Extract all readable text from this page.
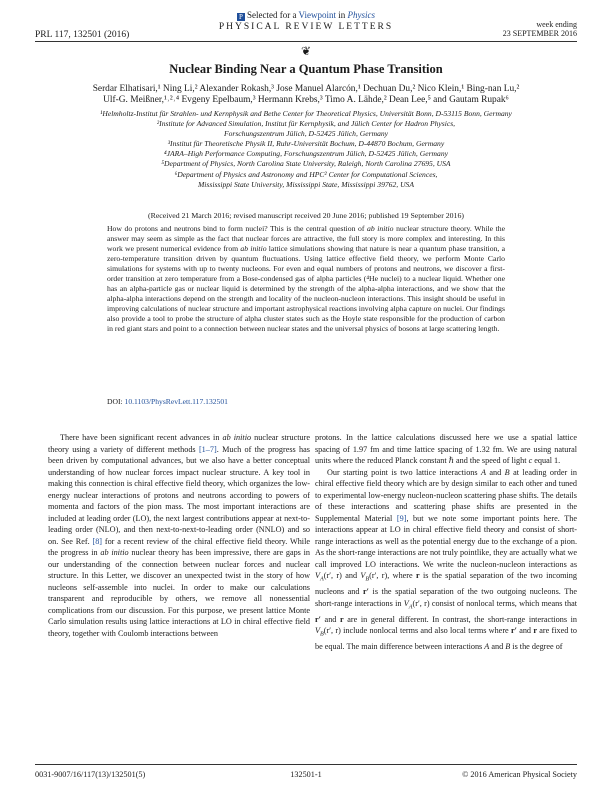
P Selected for a Viewpoint in Physics
PHYSICAL REVIEW LETTERS
PRL 117, 132501 (2016)
week ending
23 SEPTEMBER 2016
❦
Nuclear Binding Near a Quantum Phase Transition
Serdar Elhatisari,¹ Ning Li,² Alexander Rokash,³ Jose Manuel Alarcón,¹ Dechuan Du,² Nico Klein,¹ Bing-nan Lu,²
Ulf-G. Meißner,¹˒²˒⁴ Evgeny Epelbaum,³ Hermann Krebs,³ Timo A. Lähde,² Dean Lee,⁵ and Gautam Rupak⁶
¹Helmholtz-Institut für Strahlen- und Kernphysik and Bethe Center for Theoretical Physics, Universität Bonn, D-53115 Bonn, Germany
²Institute for Advanced Simulation, Institut für Kernphysik, and Jülich Center for Hadron Physics,
Forschungszentrum Jülich, D-52425 Jülich, Germany
³Institut für Theoretische Physik II, Ruhr-Universität Bochum, D-44870 Bochum, Germany
⁴JARA–High Performance Computing, Forschungszentrum Jülich, D-52425 Jülich, Germany
⁵Department of Physics, North Carolina State University, Raleigh, North Carolina 27695, USA
⁶Department of Physics and Astronomy and HPC² Center for Computational Sciences,
Mississippi State University, Mississippi State, Mississippi 39762, USA
(Received 21 March 2016; revised manuscript received 20 June 2016; published 19 September 2016)
How do protons and neutrons bind to form nuclei? This is the central question of ab initio nuclear structure theory. While the answer may seem as simple as the fact that nuclear forces are attractive, the full story is more complex and interesting. In this work we present numerical evidence from ab initio lattice simulations showing that nature is near a quantum phase transition, a zero-temperature transition driven by quantum fluctuations. Using lattice effective field theory, we perform Monte Carlo simulations for systems with up to twenty nucleons. For even and equal numbers of protons and neutrons, we discover a first-order transition at zero temperature from a Bose-condensed gas of alpha particles (⁴He nuclei) to a nuclear liquid. Whether one has an alpha-particle gas or nuclear liquid is determined by the strength of the alpha-alpha interactions, and we show that the alpha-alpha interactions depend on the strength and locality of the nucleon-nucleon interactions. This insight should be useful in improving calculations of nuclear structure and important astrophysical reactions involving alpha capture on nuclei. Our findings also provide a tool to probe the structure of alpha cluster states such as the Hoyle state responsible for the production of carbon in red giant stars and point to a connection between nuclear states and the universal physics of bosons at large scattering length.
DOI: 10.1103/PhysRevLett.117.132501

There have been significant recent advances in ab initio nuclear structure theory using a variety of different methods [1–7]. Much of the progress has been driven by computational advances, but we also have a better conceptual understanding of how nuclear forces impact nuclear structure. A key tool in making this connection is chiral effective field theory, which organizes the low-energy nuclear interactions of protons and neutrons according to powers of momenta and factors of the pion mass. The most important interactions are included at leading order (LO), the next largest contributions appear at next-to-leading order (NLO), and then next-to-next-to-leading order (NNLO) and so on. See Ref. [8] for a recent review of the chiral effective field theory. While the progress in ab initio nuclear theory has been impressive, there are gaps in our understanding of the connection between nuclear forces and nuclear structure. In this Letter, we discover an unexpected twist in the story of how nucleons self-assemble into nuclei. In order to make our calculations transparent and reproducible by others, we remove all nonessential complications from our discussion. For this purpose, we present lattice Monte Carlo simulation results using lattice interactions at LO in chiral effective field theory, together with Coulomb interactions between

protons. In the lattice calculations discussed here we use a spatial lattice spacing of 1.97 fm and time lattice spacing of 1.32 fm. We are using natural units where the reduced Planck constant ℏ and the speed of light c equal 1.

Our starting point is two lattice interactions A and B at leading order in chiral effective field theory which are by design similar to each other and tuned to experimental low-energy nucleon-nucleon scattering phase shifts. The details of these interactions and scattering phase shifts are presented in the Supplemental Material [9], but we note some important points here. The interactions appear at LO in chiral effective field theory and consist of short-range interactions as well as the potential energy due to the exchange of a pion. As the short-range interactions are not truly pointlike, they are actually what we call improved LO interactions. We write the nucleon-nucleon interactions as $V_A(r'$, r) and $V_B(r'$, r), where r is the spatial separation of the two incoming nucleons and r′ is the spatial separation of the two outgoing nucleons. The short-range interactions in $V_A(r'$, r) consist of nonlocal terms, which means that r′ and r are in general different. In contrast, the short-range interactions in $V_B(r'$, r) include nonlocal terms and also local terms where r′ and r are fixed to be equal. The main difference between interactions A and B is the degree of

0031-9007/16/117(13)/132501(5)	132501-1	© 2016 American Physical Society
